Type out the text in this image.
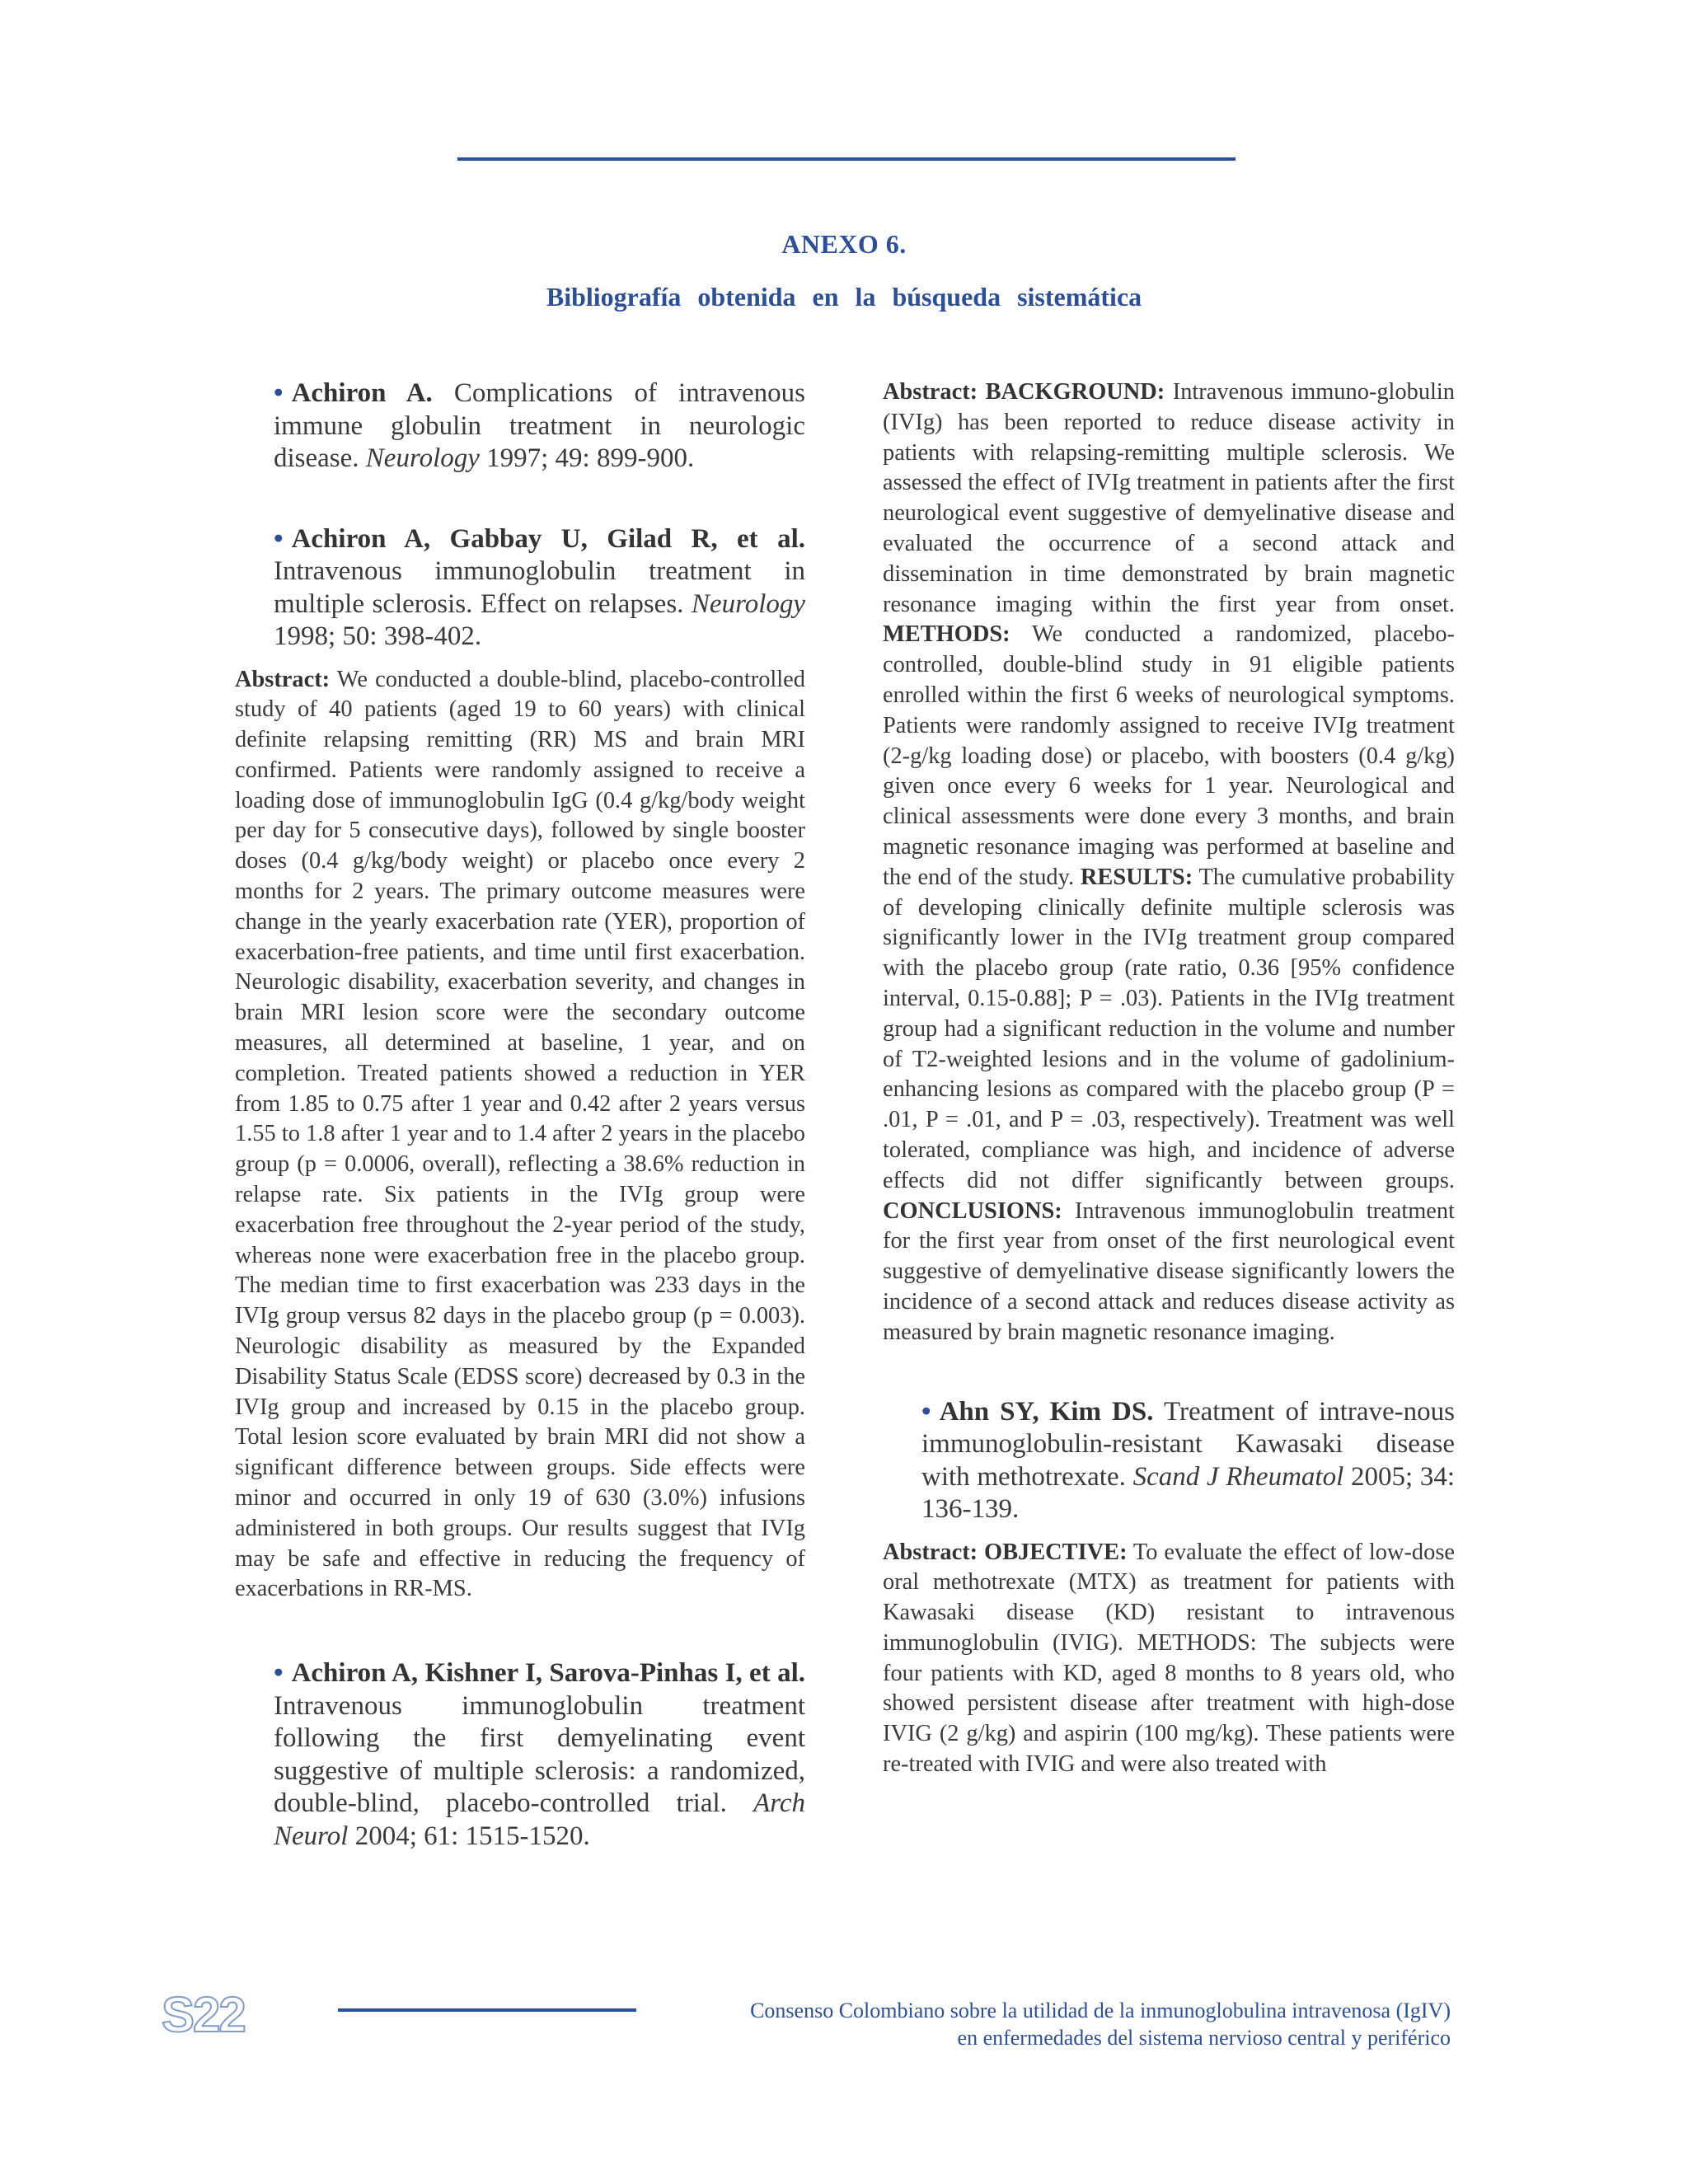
ANEXO 6.
Bibliografía obtenida en la búsqueda sistemática

• Achiron A. Complications of intravenous immune globulin treatment in neurologic disease. Neurology 1997; 49: 899-900.

• Achiron A, Gabbay U, Gilad R, et al. Intravenous immunoglobulin treatment in multiple sclerosis. Effect on relapses. Neurology 1998; 50: 398-402.

Abstract: We conducted a double-blind, placebo-controlled study of 40 patients (aged 19 to 60 years) with clinical definite relapsing remitting (RR) MS and brain MRI confirmed. Patients were randomly assigned to receive a loading dose of immunoglobulin IgG (0.4 g/kg/body weight per day for 5 consecutive days), followed by single booster doses (0.4 g/kg/body weight) or placebo once every 2 months for 2 years. The primary outcome measures were change in the yearly exacerbation rate (YER), proportion of exacerbation-free patients, and time until first exacerbation. Neurologic disability, exacerbation severity, and changes in brain MRI lesion score were the secondary outcome measures, all determined at baseline, 1 year, and on completion. Treated patients showed a reduction in YER from 1.85 to 0.75 after 1 year and 0.42 after 2 years versus 1.55 to 1.8 after 1 year and to 1.4 after 2 years in the placebo group (p = 0.0006, overall), reflecting a 38.6% reduction in relapse rate. Six patients in the IVIg group were exacerbation free throughout the 2-year period of the study, whereas none were exacerbation free in the placebo group. The median time to first exacerbation was 233 days in the IVIg group versus 82 days in the placebo group (p = 0.003). Neurologic disability as measured by the Expanded Disability Status Scale (EDSS score) decreased by 0.3 in the IVIg group and increased by 0.15 in the placebo group. Total lesion score evaluated by brain MRI did not show a significant difference between groups. Side effects were minor and occurred in only 19 of 630 (3.0%) infusions administered in both groups. Our results suggest that IVIg may be safe and effective in reducing the frequency of exacerbations in RR-MS.

• Achiron A, Kishner I, Sarova-Pinhas I, et al. Intravenous immunoglobulin treatment following the first demyelinating event suggestive of multiple sclerosis: a randomized, double-blind, placebo-controlled trial. Arch Neurol 2004; 61: 1515-1520.

Abstract: BACKGROUND: Intravenous immuno-globulin (IVIg) has been reported to reduce disease activity in patients with relapsing-remitting multiple sclerosis. We assessed the effect of IVIg treatment in patients after the first neurological event suggestive of demyelinative disease and evaluated the occurrence of a second attack and dissemination in time demonstrated by brain magnetic resonance imaging within the first year from onset. METHODS: We conducted a randomized, placebo-controlled, double-blind study in 91 eligible patients enrolled within the first 6 weeks of neurological symptoms. Patients were randomly assigned to receive IVIg treatment (2-g/kg loading dose) or placebo, with boosters (0.4 g/kg) given once every 6 weeks for 1 year. Neurological and clinical assessments were done every 3 months, and brain magnetic resonance imaging was performed at baseline and the end of the study. RESULTS: The cumulative probability of developing clinically definite multiple sclerosis was significantly lower in the IVIg treatment group compared with the placebo group (rate ratio, 0.36 [95% confidence interval, 0.15-0.88]; P = .03). Patients in the IVIg treatment group had a significant reduction in the volume and number of T2-weighted lesions and in the volume of gadolinium-enhancing lesions as compared with the placebo group (P = .01, P = .01, and P = .03, respectively). Treatment was well tolerated, compliance was high, and incidence of adverse effects did not differ significantly between groups. CONCLUSIONS: Intravenous immunoglobulin treatment for the first year from onset of the first neurological event suggestive of demyelinative disease significantly lowers the incidence of a second attack and reduces disease activity as measured by brain magnetic resonance imaging.

• Ahn SY, Kim DS. Treatment of intrave-nous immunoglobulin-resistant Kawasaki disease with methotrexate. Scand J Rheumatol 2005; 34: 136-139.

Abstract: OBJECTIVE: To evaluate the effect of low-dose oral methotrexate (MTX) as treatment for patients with Kawasaki disease (KD) resistant to intravenous immunoglobulin (IVIG). METHODS: The subjects were four patients with KD, aged 8 months to 8 years old, who showed persistent disease after treatment with high-dose IVIG (2 g/kg) and aspirin (100 mg/kg). These patients were re-treated with IVIG and were also treated with

S22	Consenso Colombiano sobre la utilidad de la inmunoglobulina intravenosa (IgIV)
en enfermedades del sistema nervioso central y periférico
